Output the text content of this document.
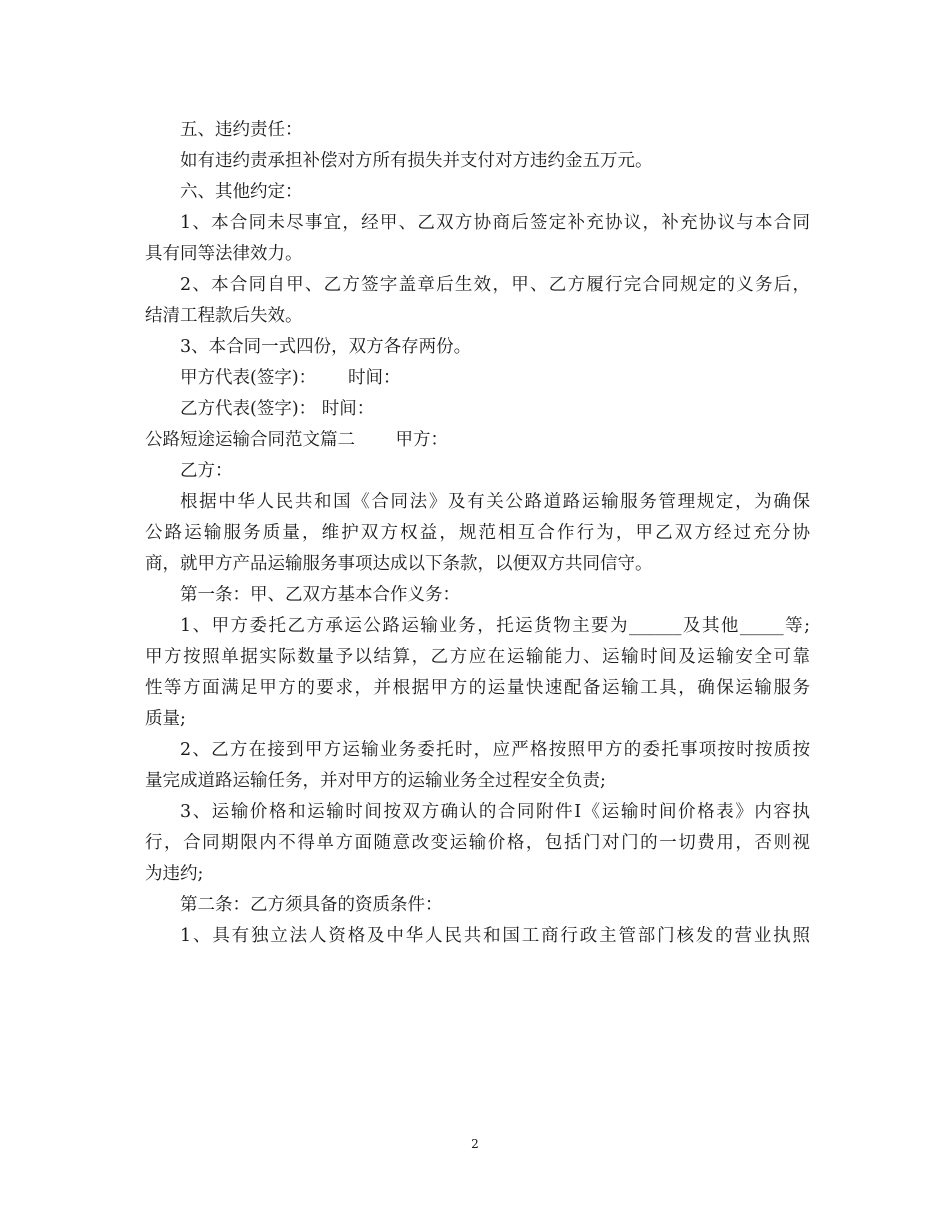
五、违约责任：

如有违约责承担补偿对方所有损失并支付对方违约金五万元。

六、其他约定：

1、本合同未尽事宜，经甲、乙双方协商后签定补充协议，补充协议与本合同

具有同等法律效力。

2、本合同自甲、乙方签字盖章后生效，甲、乙方履行完合同规定的义务后，

结清工程款后失效。

3、本合同一式四份，双方各存两份。

甲方代表(签字)：　　 时间：

乙方代表(签字)： 时间：

公路短途运输合同范文篇二　　 甲方：

乙方：

根据中华人民共和国《合同法》及有关公路道路运输服务管理规定，为确保

公路运输服务质量，维护双方权益，规范相互合作行为，甲乙双方经过充分协

商，就甲方产品运输服务事项达成以下条款，以便双方共同信守。

第一条：甲、乙双方基本合作义务：

1、甲方委托乙方承运公路运输业务，托运货物主要为______及其他_____等;

甲方按照单据实际数量予以结算，乙方应在运输能力、运输时间及运输安全可靠

性等方面满足甲方的要求，并根据甲方的运量快速配备运输工具，确保运输服务

质量;

2、乙方在接到甲方运输业务委托时，应严格按照甲方的委托事项按时按质按

量完成道路运输任务，并对甲方的运输业务全过程安全负责;

3、运输价格和运输时间按双方确认的合同附件Ⅰ《运输时间价格表》内容执

行，合同期限内不得单方面随意改变运输价格，包括门对门的一切费用，否则视

为违约;

第二条：乙方须具备的资质条件：

1、具有独立法人资格及中华人民共和国工商行政主管部门核发的营业执照

2
